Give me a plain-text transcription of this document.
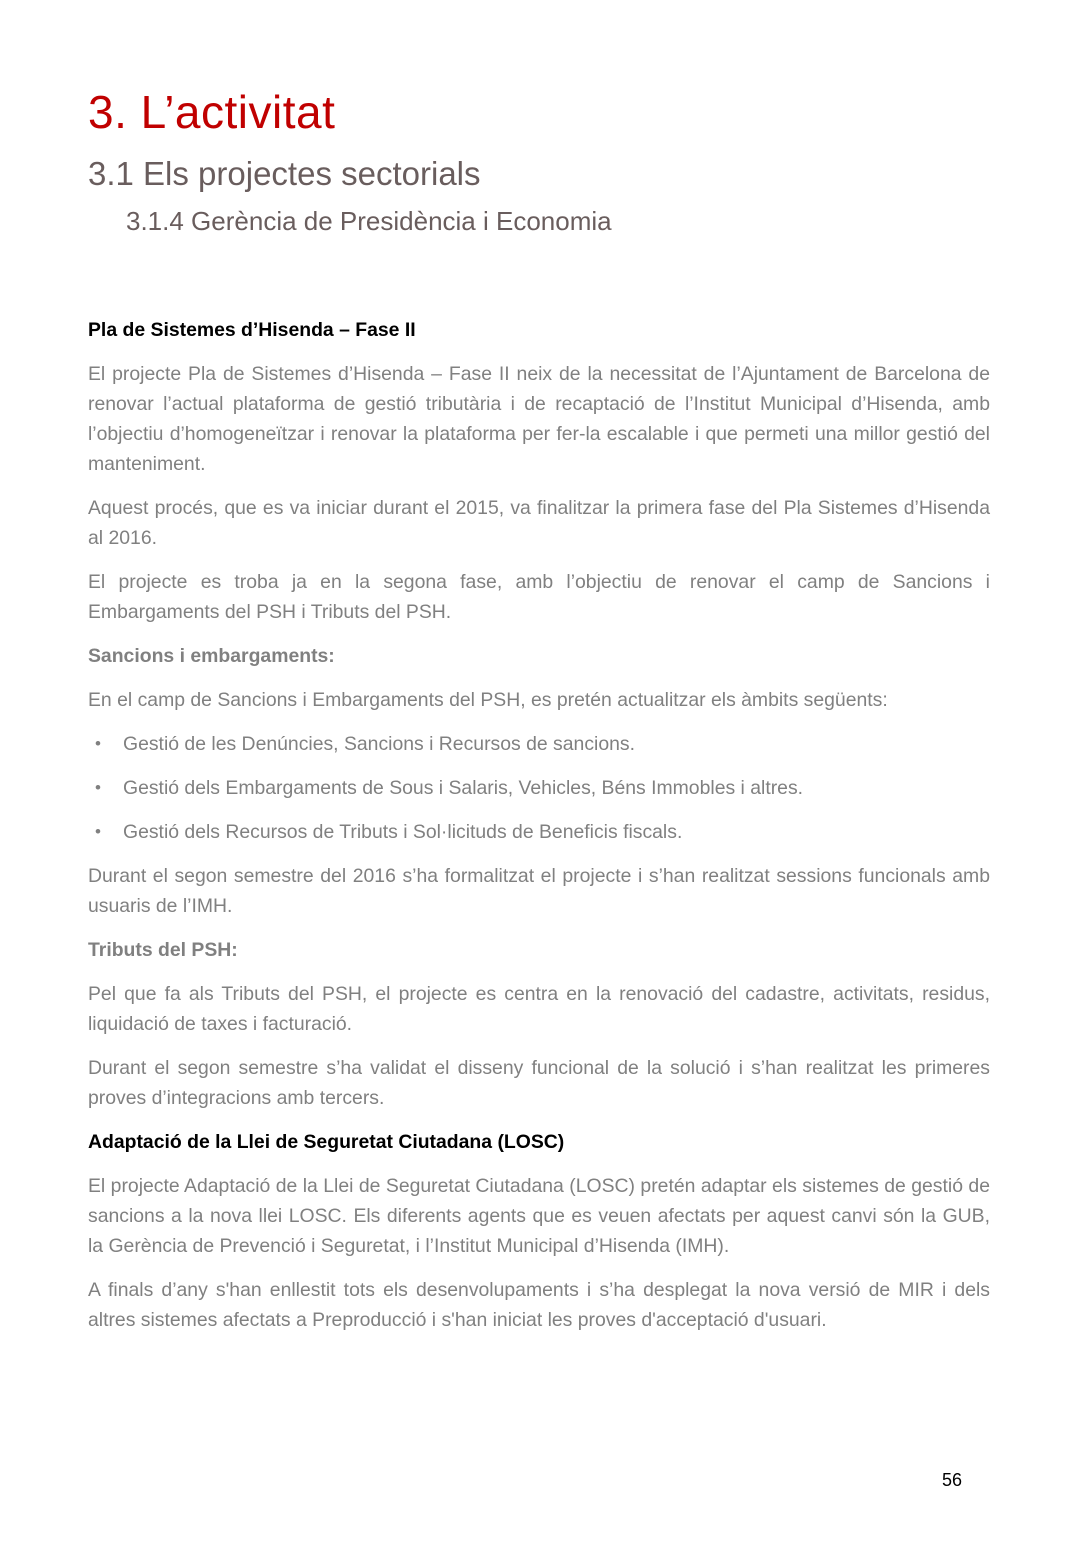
3. L’activitat
3.1 Els projectes sectorials
3.1.4 Gerència de Presidència i Economia

Pla de Sistemes d’Hisenda – Fase II

El projecte Pla de Sistemes d’Hisenda – Fase II neix de la necessitat de l’Ajuntament de Barcelona de renovar l’actual plataforma de gestió tributària i de recaptació de l’Institut Municipal d’Hisenda, amb l’objectiu d’homogeneïtzar i renovar la plataforma per fer-la escalable i que permeti una millor gestió del manteniment.

Aquest procés, que es va iniciar durant el 2015, va finalitzar la primera fase del Pla Sistemes d’Hisenda al 2016.

El projecte es troba ja en la segona fase, amb l’objectiu de renovar el camp de Sancions i Embargaments del PSH i Tributs del PSH.

Sancions i embargaments:

En el camp de Sancions i Embargaments del PSH, es pretén actualitzar els àmbits següents:

•	Gestió de les Denúncies, Sancions i Recursos de sancions.
•	Gestió dels Embargaments de Sous i Salaris, Vehicles, Béns Immobles i altres.
•	Gestió dels Recursos de Tributs i Sol·licituds de Beneficis fiscals.

Durant el segon semestre del 2016 s’ha formalitzat el projecte i s’han realitzat sessions funcionals amb usuaris de l’IMH.

Tributs del PSH:

Pel que fa als Tributs del PSH, el projecte es centra en la renovació del cadastre, activitats, residus, liquidació de taxes i facturació.

Durant el segon semestre s’ha validat el disseny funcional de la solució i s’han realitzat les primeres proves d’integracions amb tercers.

Adaptació de la Llei de Seguretat Ciutadana (LOSC)

El projecte Adaptació de la Llei de Seguretat Ciutadana (LOSC) pretén adaptar els sistemes de gestió de sancions a la nova llei LOSC. Els diferents agents que es veuen afectats per aquest canvi són la GUB, la Gerència de Prevenció i Seguretat, i l’Institut Municipal d’Hisenda (IMH).

A finals d’any s'han enllestit tots els desenvolupaments i s’ha desplegat la nova versió de MIR i dels altres sistemes afectats a Preproducció i s'han iniciat les proves d'acceptació d'usuari.

56
